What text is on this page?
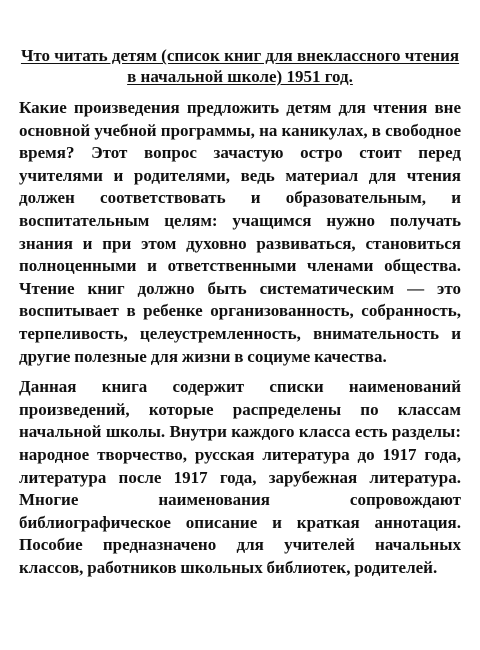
Что читать детям (список книг для внеклассного чтения в начальной школе) 1951 год.

Какие произведения предложить детям для чтения вне основной учебной программы, на каникулах, в свободное время? Этот вопрос зачастую остро стоит перед учителями и родителями, ведь материал для чтения должен соответствовать и образовательным, и воспитательным целям: учащимся нужно получать знания и при этом духовно развиваться, становиться полноценными и ответственными членами общества. Чтение книг должно быть систематическим — это воспитывает в ребенке организованность, собранность, терпеливость, целеустремленность, внимательность и другие полезные для жизни в социуме качества.

Данная книга содержит списки наименований произведений, которые распределены по классам начальной школы. Внутри каждого класса есть разделы: народное творчество, русская литература до 1917 года, литература после 1917 года, зарубежная литература. Многие наименования сопровождают библиографическое описание и краткая аннотация. Пособие предназначено для учителей начальных классов, работников школьных библиотек, родителей.
